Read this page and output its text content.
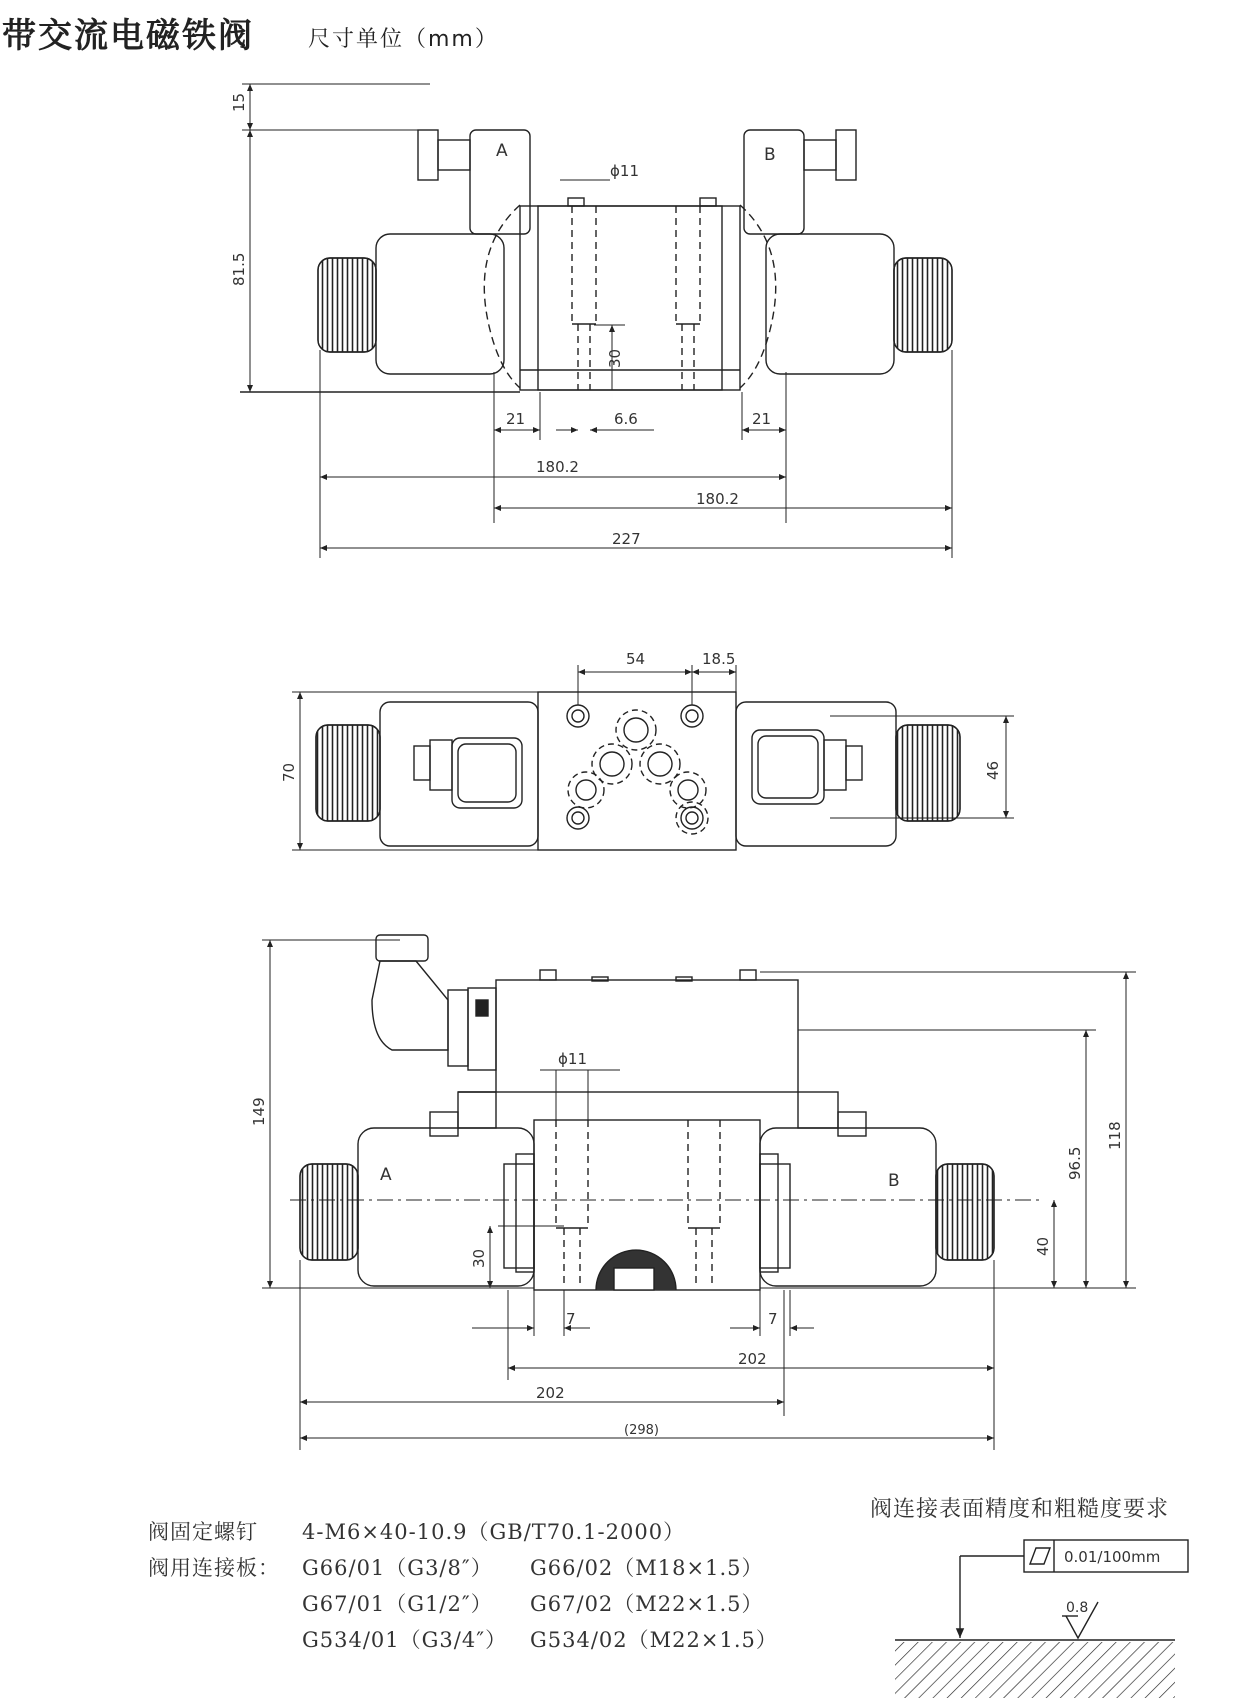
带交流电磁铁阀 尺寸单位（mm）
A	B
15
81.5
ϕ11
30
21	6.6	21
180.2
180.2
227
54	18.5
70	46
A	B
149
ϕ11
118
96.5
40
30
7	7
202
202
(298)
0.01/100mm
0.8
阀连接表面精度和粗糙度要求
阀固定螺钉 4-M6×40-10.9（GB/T70.1-2000）
阀用连接板： G66/01（G3/8″） G66/02（M18×1.5）
G67/01（G1/2″） G67/02（M22×1.5）
G534/01（G3/4″） G534/02（M22×1.5）
